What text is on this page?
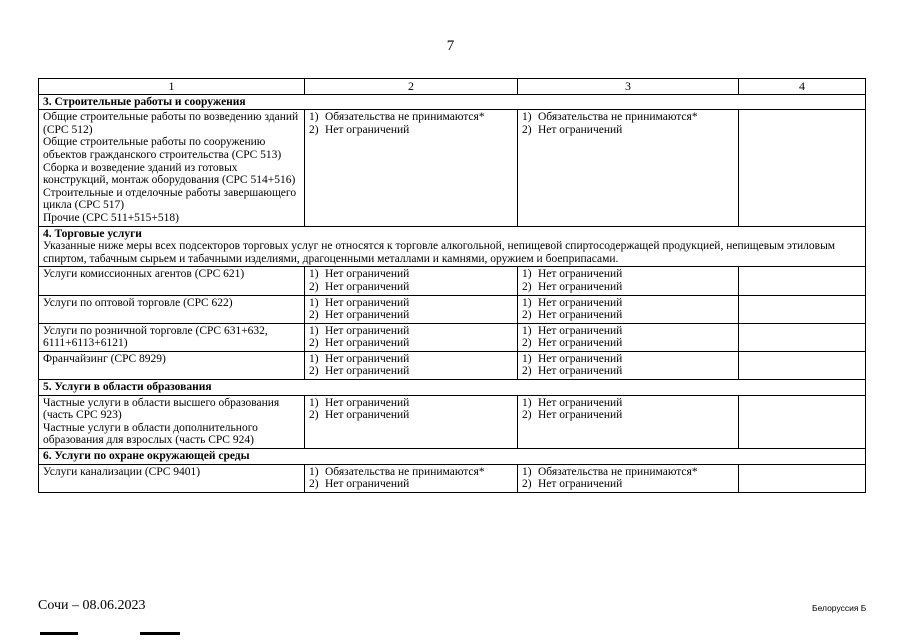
7
1	2	3	4

3. Строительные работы и сооружения			

Общие строительные работы по возведению зданий (CPC 512)
Общие строительные работы по сооружению объектов гражданского строительства (CPC 513)
Сборка и возведение зданий из готовых конструкций, монтаж оборудования (CPC 514+516)
Строительные и отделочные работы завершающего цикла (CPC 517)
Прочие (CPC 511+515+518)	1) Обязательства не принимаются*
2) Нет ограничений	1) Обязательства не принимаются*
2) Нет ограничений	

4. Торговые услуги
Указанные ниже меры всех подсекторов торговых услуг не относятся к торговле алкогольной, непищевой спиртосодержащей продукцией, непищевым этиловым спиртом, табачным сырьем и табачными изделиями, драгоценными металлами и камнями, оружием и боеприпасами.			

Услуги комиссионных агентов (CPC 621)	1) Нет ограничений
2) Нет ограничений	1) Нет ограничений
2) Нет ограничений	

Услуги по оптовой торговле (CPC 622)	1) Нет ограничений
2) Нет ограничений	1) Нет ограничений
2) Нет ограничений	

Услуги по розничной торговле (CPC 631+632, 6111+6113+6121)	1) Нет ограничений
2) Нет ограничений	1) Нет ограничений
2) Нет ограничений	

Франчайзинг (CPC 8929)	1) Нет ограничений
2) Нет ограничений	1) Нет ограничений
2) Нет ограничений	

5. Услуги в области образования			

Частные услуги в области высшего образования (часть CPC 923)
Частные услуги в области дополнительного образования для взрослых (часть CPC 924)	1) Нет ограничений
2) Нет ограничений	1) Нет ограничений
2) Нет ограничений	

6. Услуги по охране окружающей среды			

Услуги канализации (CPC 9401)	1) Обязательства не принимаются*
2) Нет ограничений	1) Обязательства не принимаются*
2) Нет ограничений	

Сочи – 08.06.2023	Белоруссия Б
